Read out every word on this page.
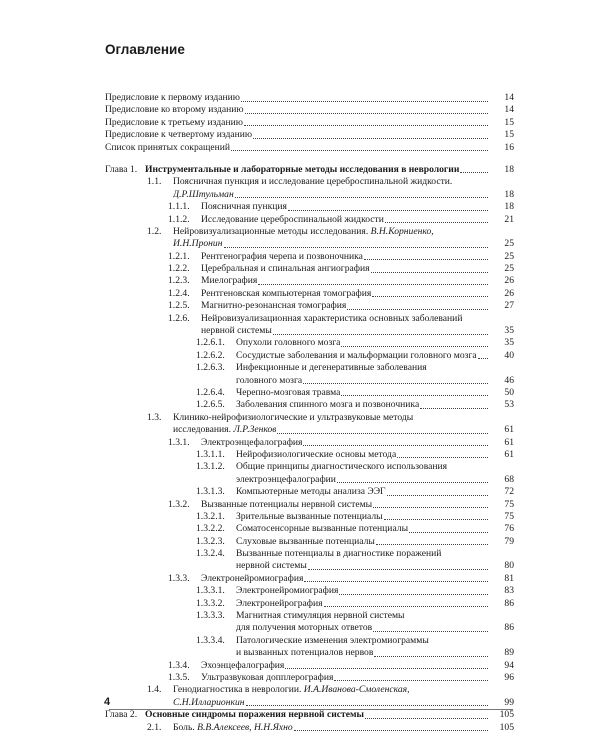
Оглавление
Предисловие к первому изданию	14
Предисловие ко второму изданию	14
Предисловие к третьему изданию	15
Предисловие к четвертому изданию	15
Список принятых сокращений	16
Глава 1. Инструментальные и лабораторные методы исследования в неврологии	18
1.1. Поясничная пункция и исследование цереброспинальной жидкости.
Д.Р.Штульман	18
1.1.1. Поясничная пункция	18
1.1.2. Исследование цереброспинальной жидкости	21
1.2. Нейровизуализационные методы исследования. В.Н.Корниенко,
И.Н.Пронин	25
1.2.1. Рентгенография черепа и позвоночника	25
1.2.2. Церебральная и спинальная ангиография	25
1.2.3. Миелография	26
1.2.4. Рентгеновская компьютерная томография	26
1.2.5. Магнитно-резонансная томография	27
1.2.6. Нейровизуализационная характеристика основных заболеваний
нервной системы	35
1.2.6.1. Опухоли головного мозга	35
1.2.6.2. Сосудистые заболевания и мальформации головного мозга	40
1.2.6.3. Инфекционные и дегенеративные заболевания
головного мозга	46
1.2.6.4. Черепно-мозговая травма	50
1.2.6.5. Заболевания спинного мозга и позвоночника	53
1.3. Клинико-нейрофизиологические и ультразвуковые методы
исследования. Л.Р.Зенков	61
1.3.1. Электроэнцефалография	61
1.3.1.1. Нейрофизиологические основы метода	61
1.3.1.2. Общие принципы диагностического использования
электроэнцефалографии	68
1.3.1.3. Компьютерные методы анализа ЭЭГ	72
1.3.2. Вызванные потенциалы нервной системы	75
1.3.2.1. Зрительные вызванные потенциалы	75
1.3.2.2. Соматосенсорные вызванные потенциалы	76
1.3.2.3. Слуховые вызванные потенциалы	79
1.3.2.4. Вызванные потенциалы в диагностике поражений
нервной системы	80
1.3.3. Электронейромиография	81
1.3.3.1. Электронейромиография	83
1.3.3.2. Электронейрография	86
1.3.3.3. Магнитная стимуляция нервной системы
для получения моторных ответов	86
1.3.3.4. Патологические изменения электромиограммы
и вызванных потенциалов нервов	89
1.3.4. Эхоэнцефалография	94
1.3.5. Ультразвуковая допплерография	96
1.4. Генодиагностика в неврологии. И.А.Иванова-Смоленская,
С.Н.Илларионкин	99
Глава 2. Основные синдромы поражения нервной системы	105
2.1. Боль. В.В.Алексеев, Н.Н.Яхно	105
4
